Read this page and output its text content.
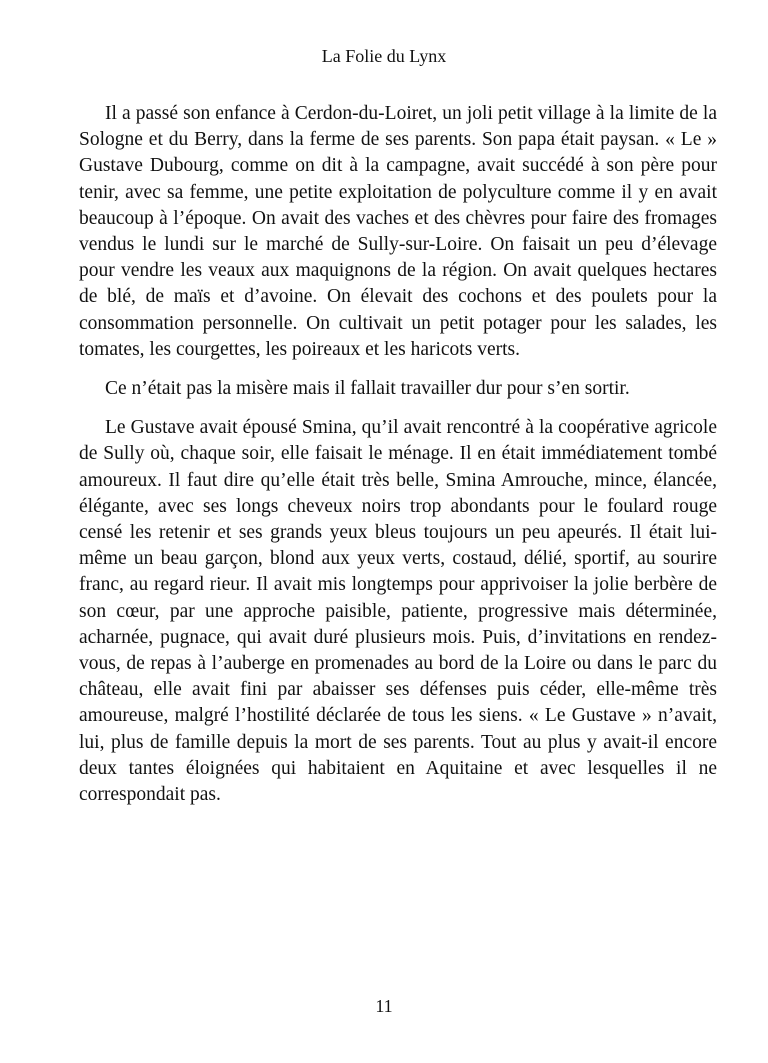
La Folie du Lynx

Il a passé son enfance à Cerdon-du-Loiret, un joli petit village à la limite de la Sologne et du Berry, dans la ferme de ses parents. Son papa était paysan. « Le » Gustave Dubourg, comme on dit à la campagne, avait succédé à son père pour tenir, avec sa femme, une petite exploitation de polyculture comme il y en avait beaucoup à l’époque. On avait des vaches et des chèvres pour faire des fromages vendus le lundi sur le marché de Sully-sur-Loire. On faisait un peu d’élevage pour vendre les veaux aux maquignons de la région. On avait quelques hectares de blé, de maïs et d’avoine. On élevait des cochons et des poulets pour la consommation personnelle. On cultivait un petit potager pour les salades, les tomates, les courgettes, les poireaux et les haricots verts.

Ce n’était pas la misère mais il fallait travailler dur pour s’en sortir.

Le Gustave avait épousé Smina, qu’il avait rencontré à la coopérative agricole de Sully où, chaque soir, elle faisait le ménage. Il en était immédiatement tombé amoureux. Il faut dire qu’elle était très belle, Smina Amrouche, mince, élancée, élégante, avec ses longs cheveux noirs trop abondants pour le foulard rouge censé les retenir et ses grands yeux bleus toujours un peu apeurés. Il était lui-même un beau garçon, blond aux yeux verts, costaud, délié, sportif, au sourire franc, au regard rieur. Il avait mis longtemps pour apprivoiser la jolie berbère de son cœur, par une approche paisible, patiente, progressive mais déterminée, acharnée, pugnace, qui avait duré plusieurs mois. Puis, d’invitations en rendez-vous, de repas à l’auberge en promenades au bord de la Loire ou dans le parc du château, elle avait fini par abaisser ses défenses puis céder, elle-même très amoureuse, malgré l’hostilité déclarée de tous les siens. « Le Gustave » n’avait, lui, plus de famille depuis la mort de ses parents. Tout au plus y avait-il encore deux tantes éloignées qui habitaient en Aquitaine et avec lesquelles il ne correspondait pas.

11
